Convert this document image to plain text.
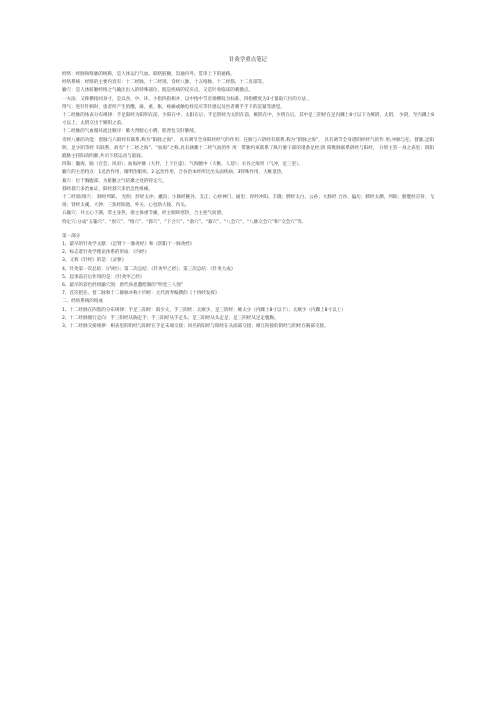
针灸学重点笔记

经络：经脉和络脉的统称，是人体运行气血、联络脏腑、沟通内外、贯串上下的通路。

经络系统：经络的主要内容有：十二经脉、十二经别、奇经八脉、十五络脉、十二经筋、十二皮部等。

腧穴：是人体脏腑经络之气输注出入的特殊部位，既是疾病的反应点，又是针灸临床的刺激点。

一夫法：又称横指同身寸，是以食、中、环、小指四指相并，以中指中节近端横纹为标准，四指横度为3寸量取穴位的方法 。

得气：进针针刺时，患者所产生的酸、麻、重、胀、疼痛或触电样反应等针感以及医者刺手手下的沉紧等感觉。

十二经脉的体表分布规律：手足阳经为阳明在前，少阳在中，太阳在后；手足阴经为太阴在前，厥阴在中，少阴在后。其中足三阴经在足内踝上8寸以下为厥阴，太阴， 少阴，至内踝上8寸以上，太阴交出于厥阴之前。

十二经脉的气血循环流注顺序：肺大肾膀心小脾，胆肾包交肝肺续。

奇经八脉的功能：督脉与六阳经有联系,称为“阳脉之海”， 具有调节全身阳经经气的作用；任脉与六阴经有联系,称为“阴脉之海”， 具有调节全身诸阴经经气的作 用;冲脉与任、督脉,足阳明、足少阴等经 有联系，故有“十二经之海”、“血海”之称,具有涵蓄十二经气血的作 用：带脉约束联系了纵行躯干部的诸条足经;阴 阳维脉联系阴经与阳经， 分别主管一身之表里；阴阳跷脉主持阳动阴静,共司下肢运动与寤寐。

四海：髓海，脑（百会，风府）；血海冲脉（大杼，上下巨虚）；气海膻中（大椎，人迎）；水谷之海胃（气冲，足三里）。

腧穴的主治特点：1近治作用，晴明治眼疾；2.远治作用，合谷治本经所过出头面疾病；3特殊作用，大椎退热。

募穴：位于胸腹部，为脏腑之气结聚之处的特定穴。

郄经郄穴多治血证，阳经郄穴多治急性疼痛。

十二经原(络穴： 肺经列缺、 光明；肝经太冲、蠡沟；小肠经腕谷、支正；心经神门、通里；胃经冲阳、丰隆；脾经太白、公孙；大肠经 合谷、偏历；肺经太渊、列缺；膀胱经京骨、飞扬；肾经太溪、大钟；三焦经阳池、外关；心包络大陵、内关。

五输穴：井主心下满，荥主身热，俞主体重节痛，经主喘咳寒热，合主逆气而泄。

特定穴:分成“五输穴”、“原穴”、“络穴”、“郄穴”、“下合穴”、“俞穴”、“募穴”、“八会穴”、“八脉交会穴”和“交会穴”等。

第一部分

1、最早的针灸学文献：《足臂十一脉灸经》和《阴阳十一脉灸经》

2、标志着针灸学理论体系的形成：《内经》

3、又称《针经》的是：《灵枢》

4、针灸第一次总结：《内经》；第二次总结：《针灸甲乙经》；第三次总结：《针灸大成》

5、起承前启后作用的是：《针灸甲乙经》

6、最早的彩色经络腧穴图：唐代孙思邈绘制的“明堂三人图”

7、首次把任、督二脉和十二静脉并称十四经：元代滑寿编撰的《十四经发挥》

二、经络系统的组成

1、十二经脉在四肢的分布规律：手足三阳经：阳少太，手三阴经：太厥少，足三阴经：厥太少（内踝上8寸以下）；太厥少（内踝上8寸以上）

2、十二经脉循行走向：手三阴经从胸走手；手三阳经从手走头；足三阳经从头走足；足三阴经从足走腹胸。

3、十二经脉交接规律：相表里的阴经与阳经在手足末端交接；同名的阳经与阳经在头面部交接；相互衔接的阴经与阴经在胸部交接。
